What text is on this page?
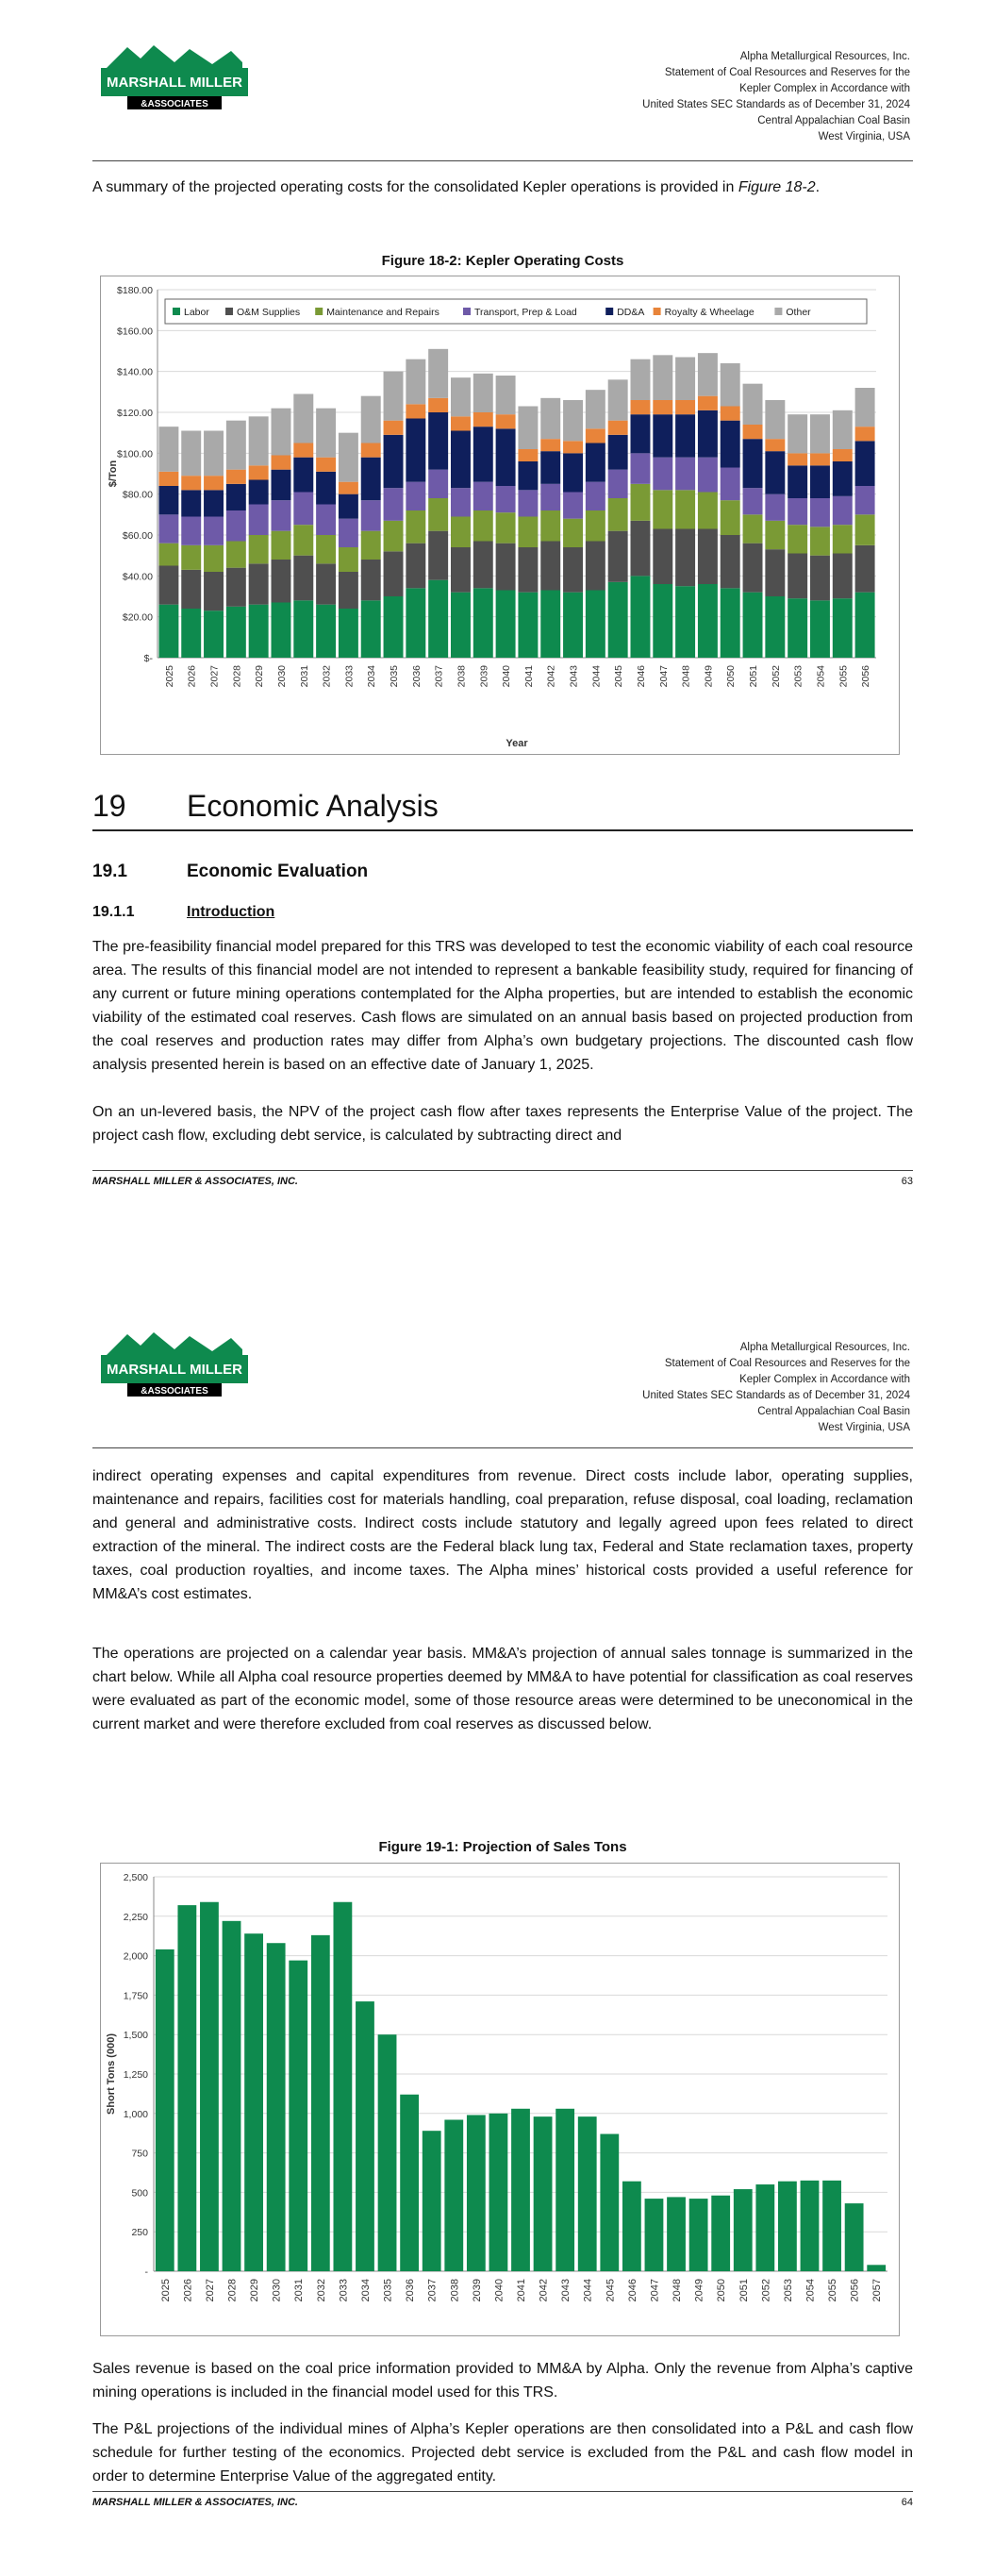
MARSHALL MILLER
&ASSOCIATES
Alpha Metallurgical Resources, Inc.
Statement of Coal Resources and Reserves for the
Kepler Complex in Accordance with
United States SEC Standards as of December 31, 2024
Central Appalachian Coal Basin
West Virginia, USA

A summary of the projected operating costs for the consolidated Kepler operations is provided in Figure 18-2.

Figure 18-2: Kepler Operating Costs
$-
$20.00
$40.00
$60.00
$80.00
$100.00
$120.00
$140.00
$160.00
$180.00
2025 2026 2027 2028 2029 2030 2031 2032 2033 2034 2035 2036 2037 2038 2039 2040 2041 2042 2043 2044 2045 2046 2047 2048 2049 2050 2051 2052 2053 2054 2055 2056
$/Ton
Year
Labor	O&M Supplies	Maintenance and Repairs	Transport, Prep & Load	DD&A Royalty & Wheelage	Other
19 Economic Analysis
19.1	Economic Evaluation
19.1.1	Introduction

The pre-feasibility financial model prepared for this TRS was developed to test the economic viability of each coal resource area. The results of this financial model are not intended to represent a bankable feasibility study, required for financing of any current or future mining operations contemplated for the Alpha properties, but are intended to establish the economic viability of the estimated coal reserves. Cash flows are simulated on an annual basis based on projected production from the coal reserves and production rates may differ from Alpha’s own budgetary projections. The discounted cash flow analysis presented herein is based on an effective date of January 1, 2025.

On an un-levered basis, the NPV of the project cash flow after taxes represents the Enterprise Value of the project. The project cash flow, excluding debt service, is calculated by subtracting direct and

MARSHALL MILLER & ASSOCIATES, INC.	63
MARSHALL MILLER
&ASSOCIATES
Alpha Metallurgical Resources, Inc.
Statement of Coal Resources and Reserves for the
Kepler Complex in Accordance with
United States SEC Standards as of December 31, 2024
Central Appalachian Coal Basin
West Virginia, USA

indirect operating expenses and capital expenditures from revenue. Direct costs include labor, operating supplies, maintenance and repairs, facilities cost for materials handling, coal preparation, refuse disposal, coal loading, reclamation and general and administrative costs. Indirect costs include statutory and legally agreed upon fees related to direct extraction of the mineral. The indirect costs are the Federal black lung tax, Federal and State reclamation taxes, property taxes, coal production royalties, and income taxes. The Alpha mines’ historical costs provided a useful reference for MM&A’s cost estimates.

The operations are projected on a calendar year basis. MM&A’s projection of annual sales tonnage is summarized in the chart below. While all Alpha coal resource properties deemed by MM&A to have potential for classification as coal reserves were evaluated as part of the economic model, some of those resource areas were determined to be uneconomical in the current market and were therefore excluded from coal reserves as discussed below.

Figure 19-1: Projection of Sales Tons
-
250
500
750
1,000
1,250
1,500
1,750
2,000
2,250
2,500
2025 2026 2027 2028 2029 2030 2031 2032 2033 2034 2035 2036 2037 2038 2039 2040 2041 2042 2043 2044 2045 2046 2047 2048 2049 2050 2051 2052 2053 2054 2055 2056 2057
Short Tons (000)

Sales revenue is based on the coal price information provided to MM&A by Alpha. Only the revenue from Alpha’s captive mining operations is included in the financial model used for this TRS.

The P&L projections of the individual mines of Alpha’s Kepler operations are then consolidated into a P&L and cash flow schedule for further testing of the economics. Projected debt service is excluded from the P&L and cash flow model in order to determine Enterprise Value of the aggregated entity.

MARSHALL MILLER & ASSOCIATES, INC.	64
